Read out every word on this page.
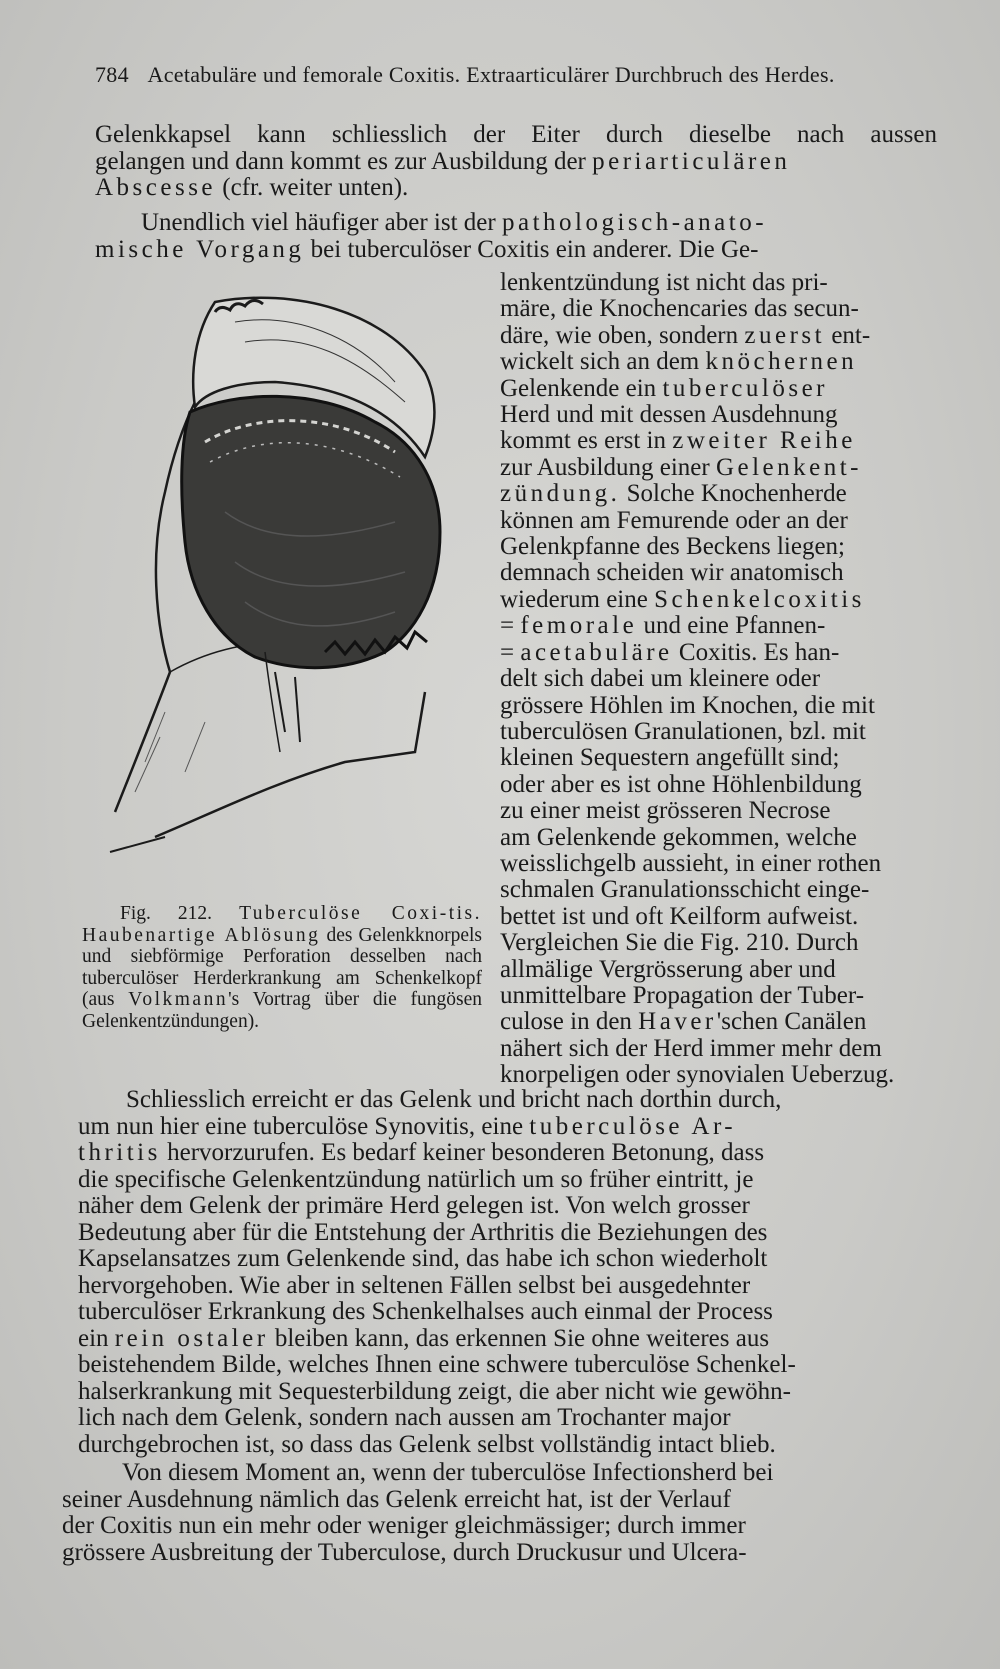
784 Acetabuläre und femorale Coxitis. Extraarticulärer Durchbruch des Herdes.
Gelenkkapsel kann schliesslich der Eiter durch dieselbe nach aussen
gelangen und dann kommt es zur Ausbildung der periarticulären
Abscesse (cfr. weiter unten).
Unendlich viel häufiger aber ist der pathologisch-anato-
mische Vorgang bei tuberculöser Coxitis ein anderer. Die Ge-
lenkentzündung ist nicht das pri-
märe, die Knochencaries das secun-
däre, wie oben, sondern zuerst ent-
wickelt sich an dem knöchernen
Gelenkende ein tuberculöser
Herd und mit dessen Ausdehnung
kommt es erst in zweiter Reihe
zur Ausbildung einer Gelenkent-
zündung. Solche Knochenherde
können am Femurende oder an der
Gelenkpfanne des Beckens liegen;
demnach scheiden wir anatomisch
wiederum eine Schenkelcoxitis
= femorale und eine Pfannen-
= acetabuläre Coxitis. Es han-
delt sich dabei um kleinere oder
grössere Höhlen im Knochen, die mit
tuberculösen Granulationen, bzl. mit
kleinen Sequestern angefüllt sind;
oder aber es ist ohne Höhlenbildung
zu einer meist grösseren Necrose
am Gelenkende gekommen, welche
weisslichgelb aussieht, in einer rothen
schmalen Granulationsschicht einge-
bettet ist und oft Keilform aufweist.
Vergleichen Sie die Fig. 210. Durch
allmälige Vergrösserung aber und
unmittelbare Propagation der Tuber-
culose in den Haver'schen Canälen
nähert sich der Herd immer mehr dem
knorpeligen oder synovialen Ueberzug.
Fig. 212. Tuberculöse Coxi-tis. Haubenartige Ablösung des Gelenkknorpels und siebförmige Perforation desselben nach tuberculöser Herderkrankung am Schenkelkopf (aus Volkmann's Vortrag über die fungösen Gelenkentzündungen).
Schliesslich erreicht er das Gelenk und bricht nach dorthin durch,
um nun hier eine tuberculöse Synovitis, eine tuberculöse Ar-
thritis hervorzurufen. Es bedarf keiner besonderen Betonung, dass
die specifische Gelenkentzündung natürlich um so früher eintritt, je
näher dem Gelenk der primäre Herd gelegen ist. Von welch grosser
Bedeutung aber für die Entstehung der Arthritis die Beziehungen des
Kapselansatzes zum Gelenkende sind, das habe ich schon wiederholt
hervorgehoben. Wie aber in seltenen Fällen selbst bei ausgedehnter
tuberculöser Erkrankung des Schenkelhalses auch einmal der Process
ein rein ostaler bleiben kann, das erkennen Sie ohne weiteres aus
beistehendem Bilde, welches Ihnen eine schwere tuberculöse Schenkel-
halserkrankung mit Sequesterbildung zeigt, die aber nicht wie gewöhn-
lich nach dem Gelenk, sondern nach aussen am Trochanter major
durchgebrochen ist, so dass das Gelenk selbst vollständig intact blieb.
Von diesem Moment an, wenn der tuberculöse Infectionsherd bei
seiner Ausdehnung nämlich das Gelenk erreicht hat, ist der Verlauf
der Coxitis nun ein mehr oder weniger gleichmässiger; durch immer
grössere Ausbreitung der Tuberculose, durch Druckusur und Ulcera-
